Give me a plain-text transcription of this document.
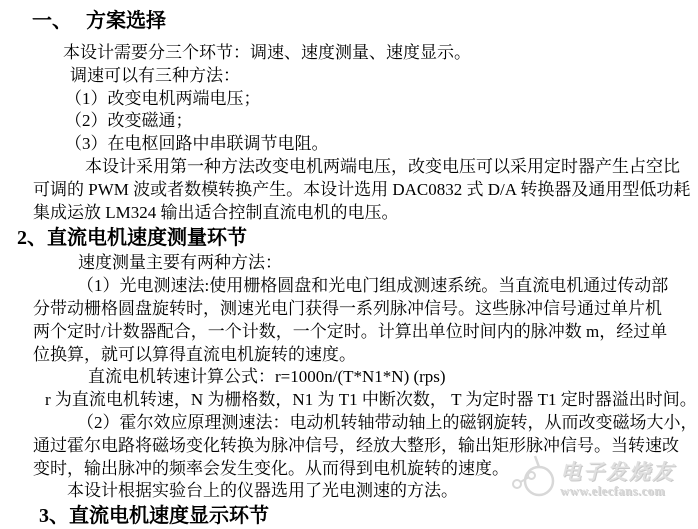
一、 方案选择
本设计需要分三个环节：调速、速度测量、速度显示。
调速可以有三种方法：
（1）改变电机两端电压；
（2）改变磁通；
（3）在电枢回路中串联调节电阻。
本设计采用第一种方法改变电机两端电压，改变电压可以采用定时器产生占空比
可调的 PWM 波或者数模转换产生。本设计选用 DAC0832 式 D/A 转换器及通用型低功耗
集成运放 LM324 输出适合控制直流电机的电压。
2、直流电机速度测量环节
速度测量主要有两种方法：
（1）光电测速法:使用栅格圆盘和光电门组成测速系统。当直流电机通过传动部
分带动栅格圆盘旋转时，测速光电门获得一系列脉冲信号。这些脉冲信号通过单片机
两个定时/计数器配合，一个计数，一个定时。计算出单位时间内的脉冲数 m，经过单
位换算，就可以算得直流电机旋转的速度。
直流电机转速计算公式：r=1000n/(T*N1*N) (rps)
r 为直流电机转速，N 为栅格数，N1 为 T1 中断次数， T 为定时器 T1 定时器溢出时间。
（2）霍尔效应原理测速法：电动机转轴带动轴上的磁钢旋转，从而改变磁场大小，
通过霍尔电路将磁场变化转换为脉冲信号，经放大整形，输出矩形脉冲信号。当转速改
变时，输出脉冲的频率会发生变化。从而得到电机旋转的速度。
本设计根据实验台上的仪器选用了光电测速的方法。
3、直流电机速度显示环节
电子发烧友
www.elecfans.com
